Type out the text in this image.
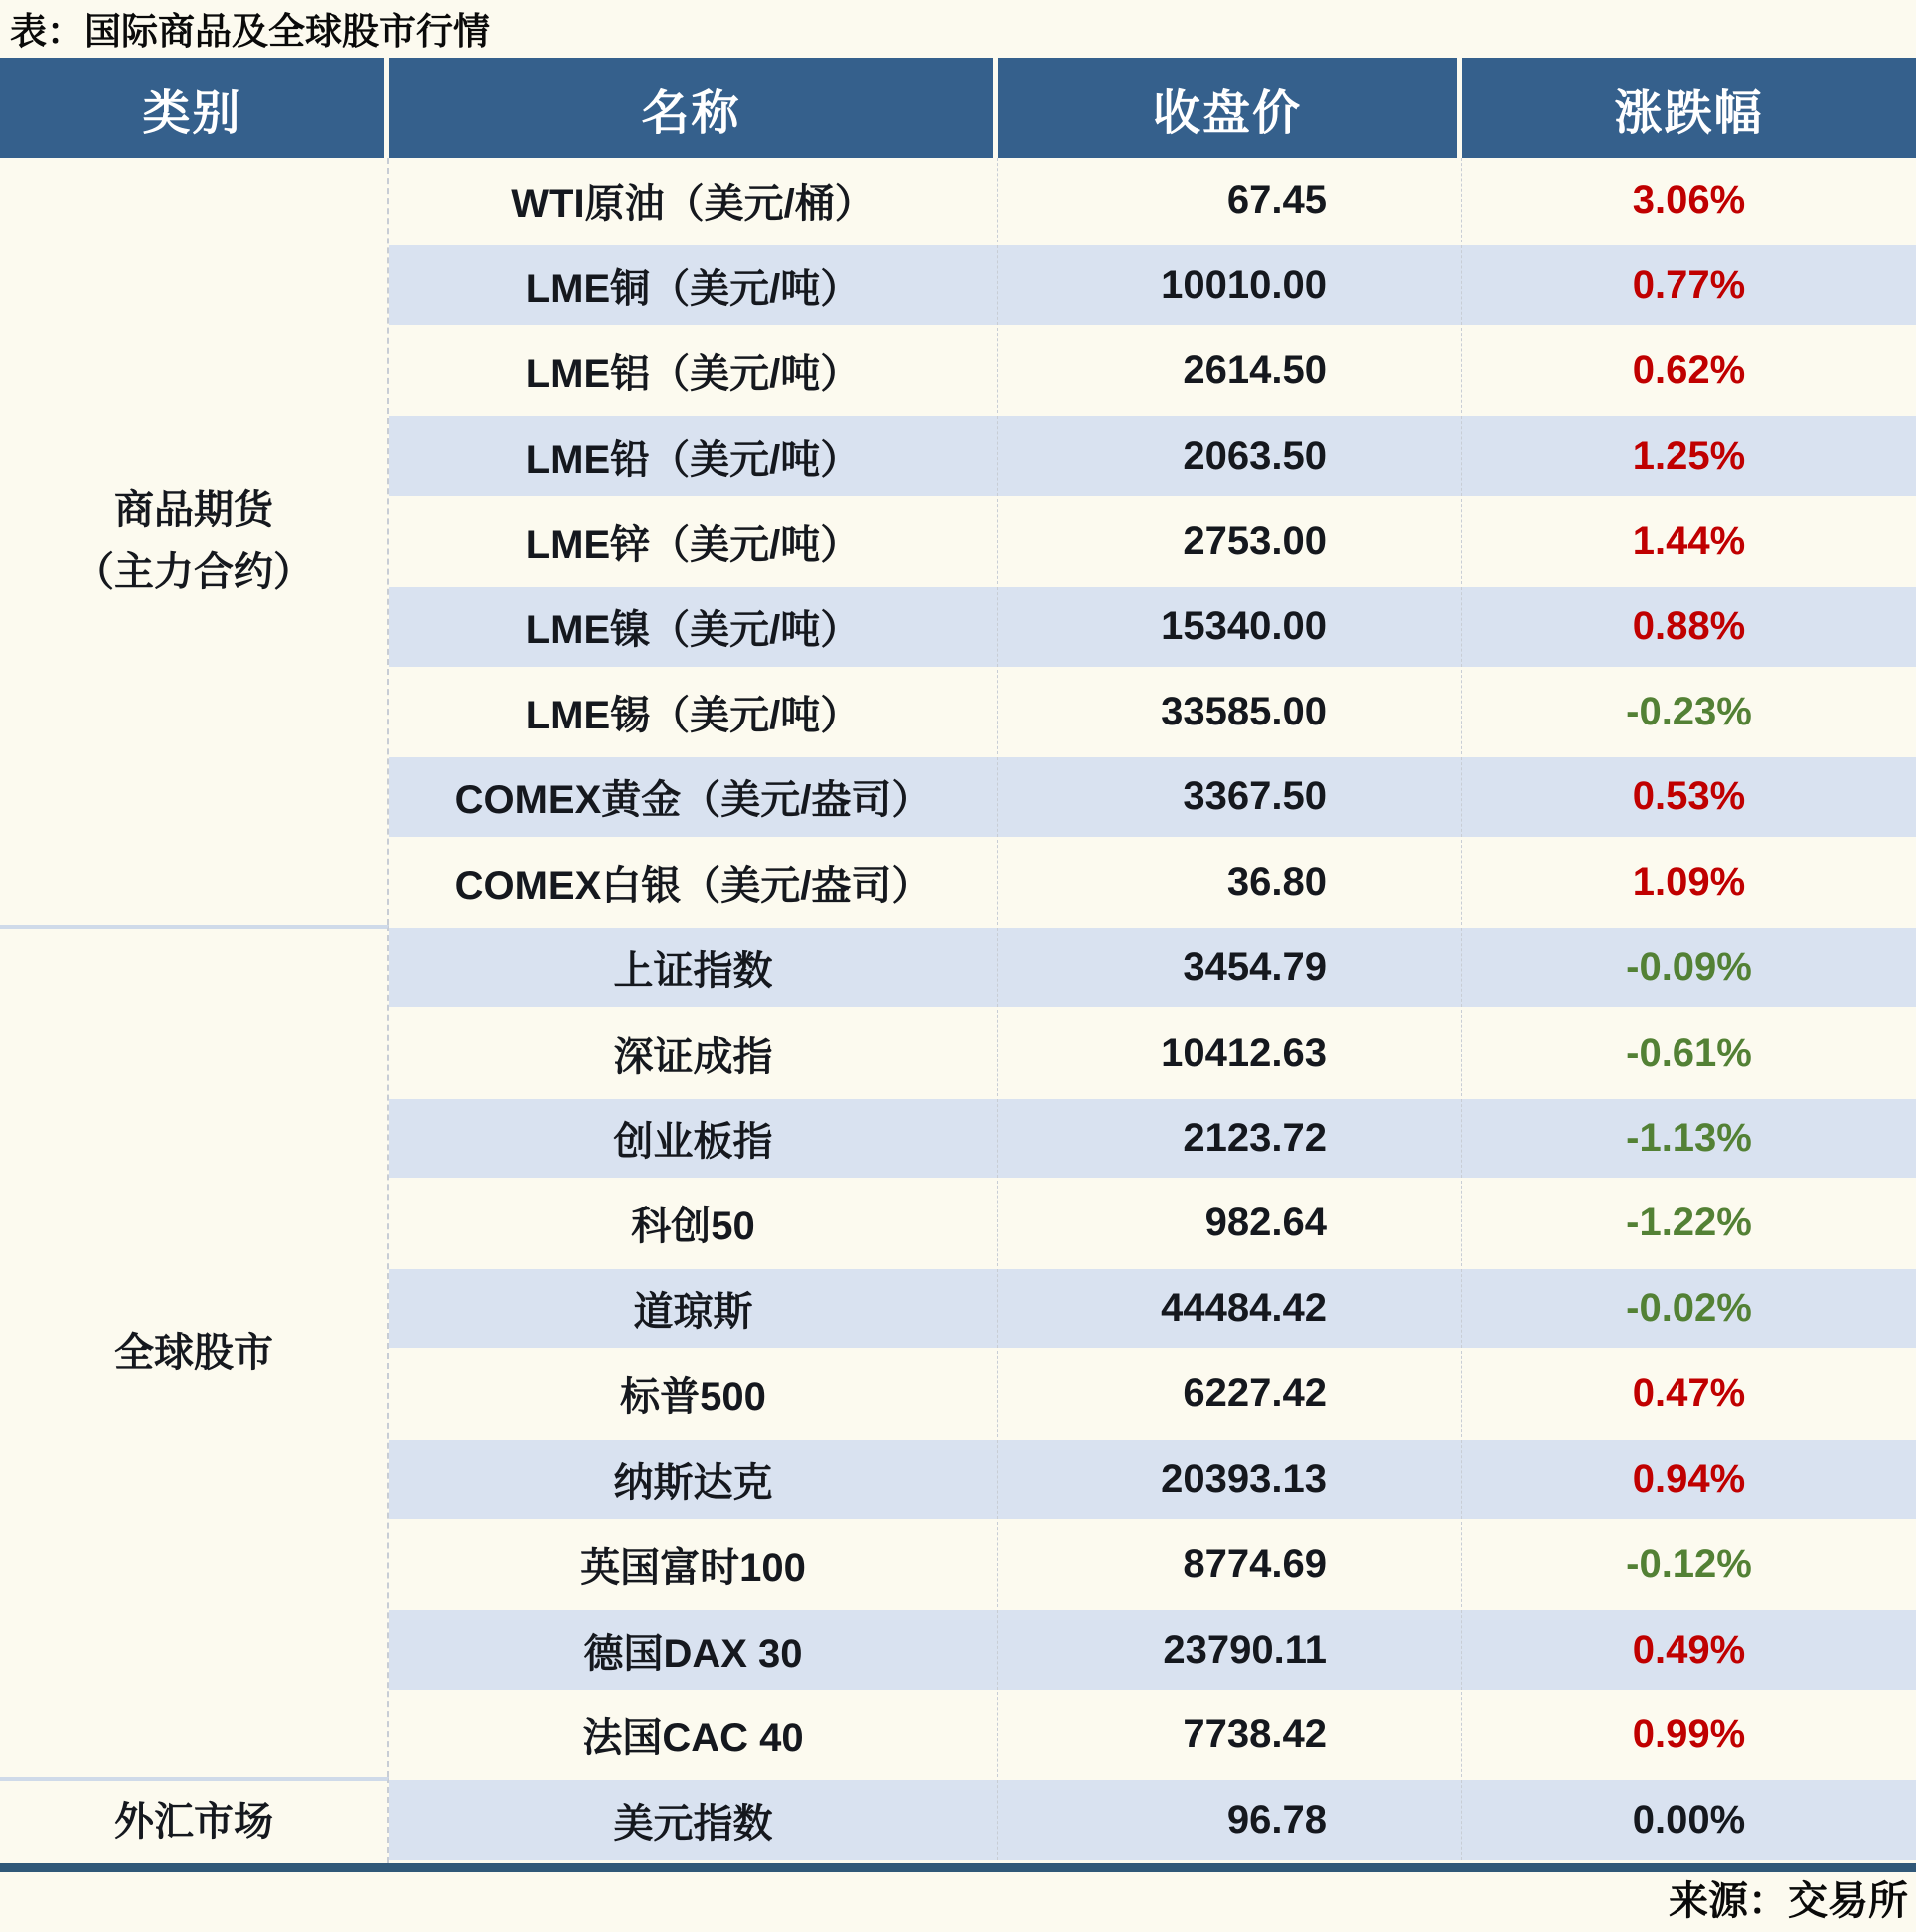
表：国际商品及全球股市行情
类别	名称	收盘价	涨跌幅
商品期货
（主力合约）
WTI原油（美元/桶）	67.45	3.06%
LME铜（美元/吨）	10010.00	0.77%
LME铝（美元/吨）	2614.50	0.62%
LME铅（美元/吨）	2063.50	1.25%
LME锌（美元/吨）	2753.00	1.44%
LME镍（美元/吨）	15340.00	0.88%
LME锡（美元/吨）	33585.00	-0.23%
COMEX黄金（美元/盎司）	3367.50	0.53%
COMEX白银（美元/盎司）	36.80	1.09%
全球股市
上证指数	3454.79	-0.09%
深证成指	10412.63	-0.61%
创业板指	2123.72	-1.13%
科创50	982.64	-1.22%
道琼斯	44484.42	-0.02%
标普500	6227.42	0.47%
纳斯达克	20393.13	0.94%
英国富时100	8774.69	-0.12%
德国DAX 30	23790.11	0.49%
法国CAC 40	7738.42	0.99%
外汇市场	美元指数	96.78	0.00%
来源：交易所
